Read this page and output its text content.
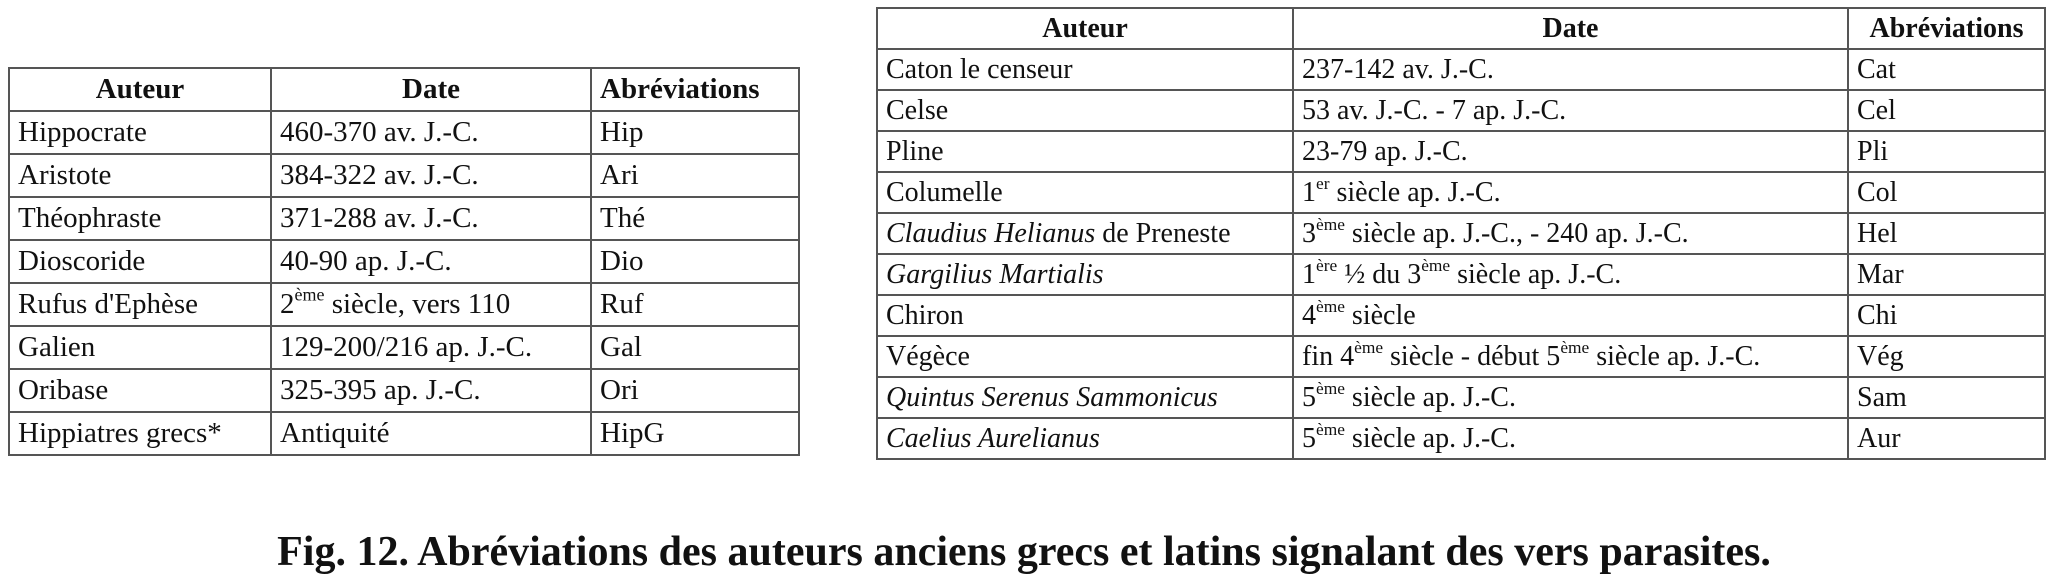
Auteur	Date	Abréviations
Hippocrate	460-370 av. J.-C.	Hip
Aristote	384-322 av. J.-C.	Ari
Théophraste	371-288 av. J.-C.	Thé
Dioscoride	40-90 ap. J.-C.	Dio
Rufus d'Ephèse	2ème siècle, vers 110	Ruf
Galien	129-200/216 ap. J.-C.	Gal
Oribase	325-395 ap. J.-C.	Ori
Hippiatres grecs*	Antiquité	HipG
Auteur	Date	Abréviations
Caton le censeur	237-142 av. J.-C.	Cat
Celse	53 av. J.-C. - 7 ap. J.-C.	Cel
Pline	23-79 ap. J.-C.	Pli
Columelle	1er siècle ap. J.-C.	Col
Claudius Helianus de Preneste	3ème siècle ap. J.-C., - 240 ap. J.-C.	Hel
Gargilius Martialis	1ère ½ du 3ème siècle ap. J.-C.	Mar
Chiron	4ème siècle	Chi
Végèce	fin 4ème siècle - début 5ème siècle ap. J.-C.	Vég
Quintus Serenus Sammonicus	5ème siècle ap. J.-C.	Sam
Caelius Aurelianus	5ème siècle ap. J.-C.	Aur
Fig. 12. Abréviations des auteurs anciens grecs et latins signalant des vers parasites.
